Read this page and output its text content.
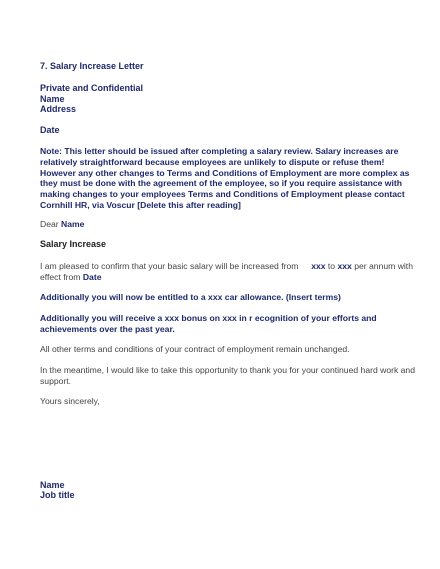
7. Salary Increase Letter
Private and Confidential
Name
Address
Date
Note: This letter should be issued after completing a salary review. Salary increases are
relatively straightforward because employees are unlikely to dispute or refuse them!
However any other changes to Terms and Conditions of Employment are more complex as
they must be done with the agreement of the employee, so if you require assistance with
making changes to your employees Terms and Conditions of Employment please contact
Cornhill HR, via Voscur [Delete this after reading]
Dear Name
Salary Increase
I am pleased to confirm that your basic salary will be increased from xxx to xxx per annum with
effect from Date
Additionally you will now be entitled to a xxx car allowance. (Insert terms)
Additionally you will receive a xxx bonus on xxx in r ecognition of your efforts and
achievements over the past year.
All other terms and conditions of your contract of employment remain unchanged.
In the meantime, I would like to take this opportunity to thank you for your continued hard work and
support.
Yours sincerely,
Name
Job title
